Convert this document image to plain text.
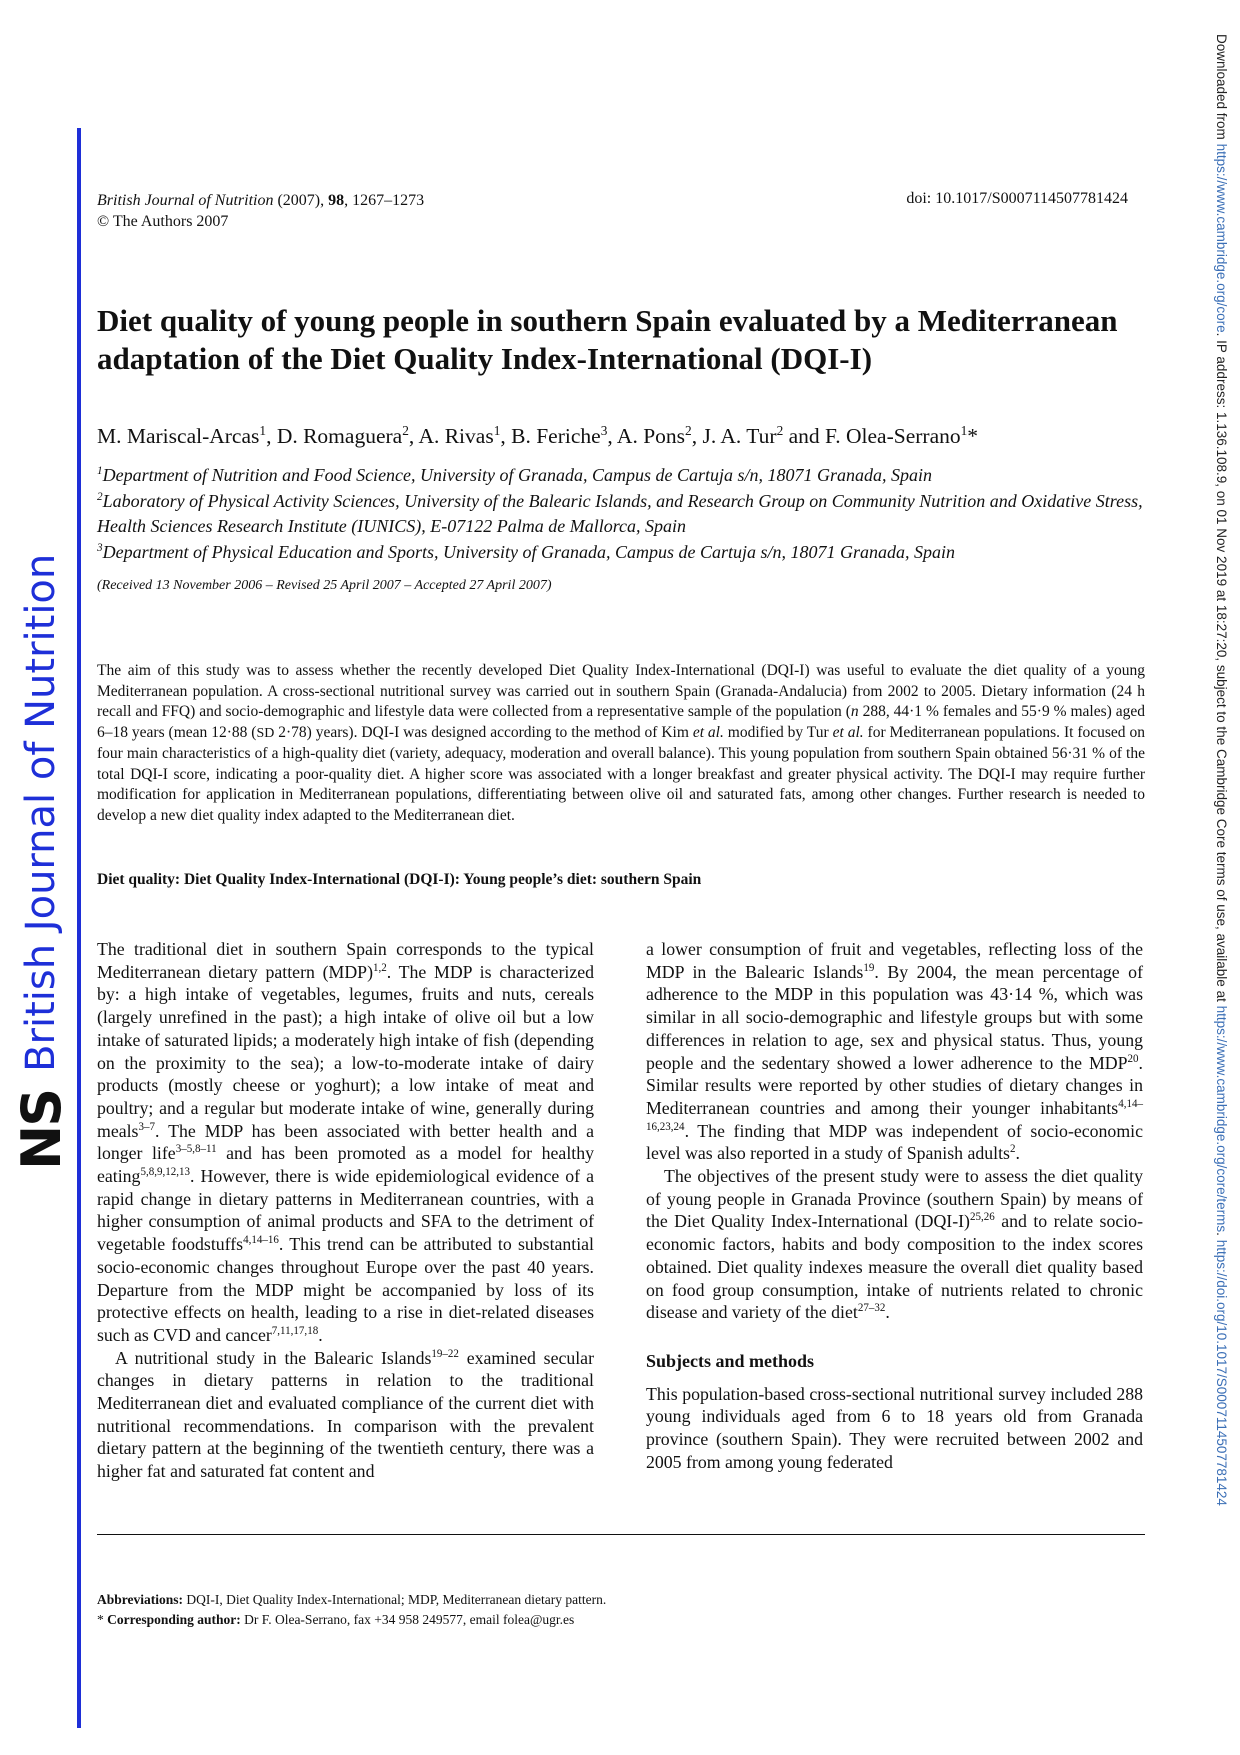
NS
British Journal of Nutrition
Downloaded from https://www.cambridge.org/core. IP address: 1.136.108.9, on 01 Nov 2019 at 18:27:20, subject to the Cambridge Core terms of use, available at https://www.cambridge.org/core/terms. https://doi.org/10.1017/S0007114507781424
British Journal of Nutrition (2007), 98, 1267–1273
© The Authors 2007
doi: 10.1017/S0007114507781424
Diet quality of young people in southern Spain evaluated by a Mediterranean adaptation of the Diet Quality Index-International (DQI-I)
M. Mariscal-Arcas$^1$, D. Romaguera$^2$, A. Rivas$^1$, B. Feriche$^3$, A. Pons$^2$, J. A. Tur$^2$ and F. Olea-Serrano$^1$*

$^1$Department of Nutrition and Food Science, University of Granada, Campus de Cartuja s/n, 18071 Granada, Spain

$^2$Laboratory of Physical Activity Sciences, University of the Balearic Islands, and Research Group on Community Nutrition and Oxidative Stress, Health Sciences Research Institute (IUNICS), E-07122 Palma de Mallorca, Spain

$^3$Department of Physical Education and Sports, University of Granada, Campus de Cartuja s/n, 18071 Granada, Spain

(Received 13 November 2006 – Revised 25 April 2007 – Accepted 27 April 2007)
The aim of this study was to assess whether the recently developed Diet Quality Index-International (DQI-I) was useful to evaluate the diet quality of a young Mediterranean population. A cross-sectional nutritional survey was carried out in southern Spain (Granada-Andalucia) from 2002 to 2005. Dietary information (24 h recall and FFQ) and socio-demographic and lifestyle data were collected from a representative sample of the population (n 288, 44·1 % females and 55·9 % males) aged 6–18 years (mean 12·88 (SD 2·78) years). DQI-I was designed according to the method of Kim et al. modified by Tur et al. for Mediterranean populations. It focused on four main characteristics of a high-quality diet (variety, adequacy, moderation and overall balance). This young population from southern Spain obtained 56·31 % of the total DQI-I score, indicating a poor-quality diet. A higher score was associated with a longer breakfast and greater physical activity. The DQI-I may require further modification for application in Mediterranean populations, differentiating between olive oil and saturated fats, among other changes. Further research is needed to develop a new diet quality index adapted to the Mediterranean diet.
Diet quality: Diet Quality Index-International (DQI-I): Young people’s diet: southern Spain

The traditional diet in southern Spain corresponds to the typical Mediterranean dietary pattern (MDP)$^{1,2}$. The MDP is characterized by: a high intake of vegetables, legumes, fruits and nuts, cereals (largely unrefined in the past); a high intake of olive oil but a low intake of saturated lipids; a moderately high intake of fish (depending on the proximity to the sea); a low-to-moderate intake of dairy products (mostly cheese or yoghurt); a low intake of meat and poultry; and a regular but moderate intake of wine, generally during meals$^{3-7}$. The MDP has been associated with better health and a longer life$^{3-5,8-11}$ and has been promoted as a model for healthy eating$^{5,8,9,12,13}$. However, there is wide epidemiological evidence of a rapid change in dietary patterns in Mediterranean countries, with a higher consumption of animal products and SFA to the detriment of vegetable foodstuffs$^{4,14-16}$. This trend can be attributed to substantial socio-economic changes throughout Europe over the past 40 years. Departure from the MDP might be accompanied by loss of its protective effects on health, leading to a rise in diet-related diseases such as CVD and cancer$^{7,11,17,18}$.

A nutritional study in the Balearic Islands$^{19-22}$ examined secular changes in dietary patterns in relation to the traditional Mediterranean diet and evaluated compliance of the current diet with nutritional recommendations. In comparison with the prevalent dietary pattern at the beginning of the twentieth century, there was a higher fat and saturated fat content and

a lower consumption of fruit and vegetables, reflecting loss of the MDP in the Balearic Islands$^{19}$. By 2004, the mean percentage of adherence to the MDP in this population was 43·14 %, which was similar in all socio-demographic and lifestyle groups but with some differences in relation to age, sex and physical status. Thus, young people and the sedentary showed a lower adherence to the MDP$^{20}$. Similar results were reported by other studies of dietary changes in Mediterranean countries and among their younger inhabitants$^{4,14-16,23,24}$. The finding that MDP was independent of socio-economic level was also reported in a study of Spanish adults$^2$.

The objectives of the present study were to assess the diet quality of young people in Granada Province (southern Spain) by means of the Diet Quality Index-International $(DQI-I)^{25,26}$ and to relate socio-economic factors, habits and body composition to the index scores obtained. Diet quality indexes measure the overall diet quality based on food group consumption, intake of nutrients related to chronic disease and variety of the diet$^{27-32}$.

Subjects and methods

This population-based cross-sectional nutritional survey included 288 young individuals aged from 6 to 18 years old from Granada province (southern Spain). They were recruited between 2002 and 2005 from among young federated

Abbreviations: DQI-I, Diet Quality Index-International; MDP, Mediterranean dietary pattern.

* Corresponding author: Dr F. Olea-Serrano, fax +34 958 249577, email folea@ugr.es
